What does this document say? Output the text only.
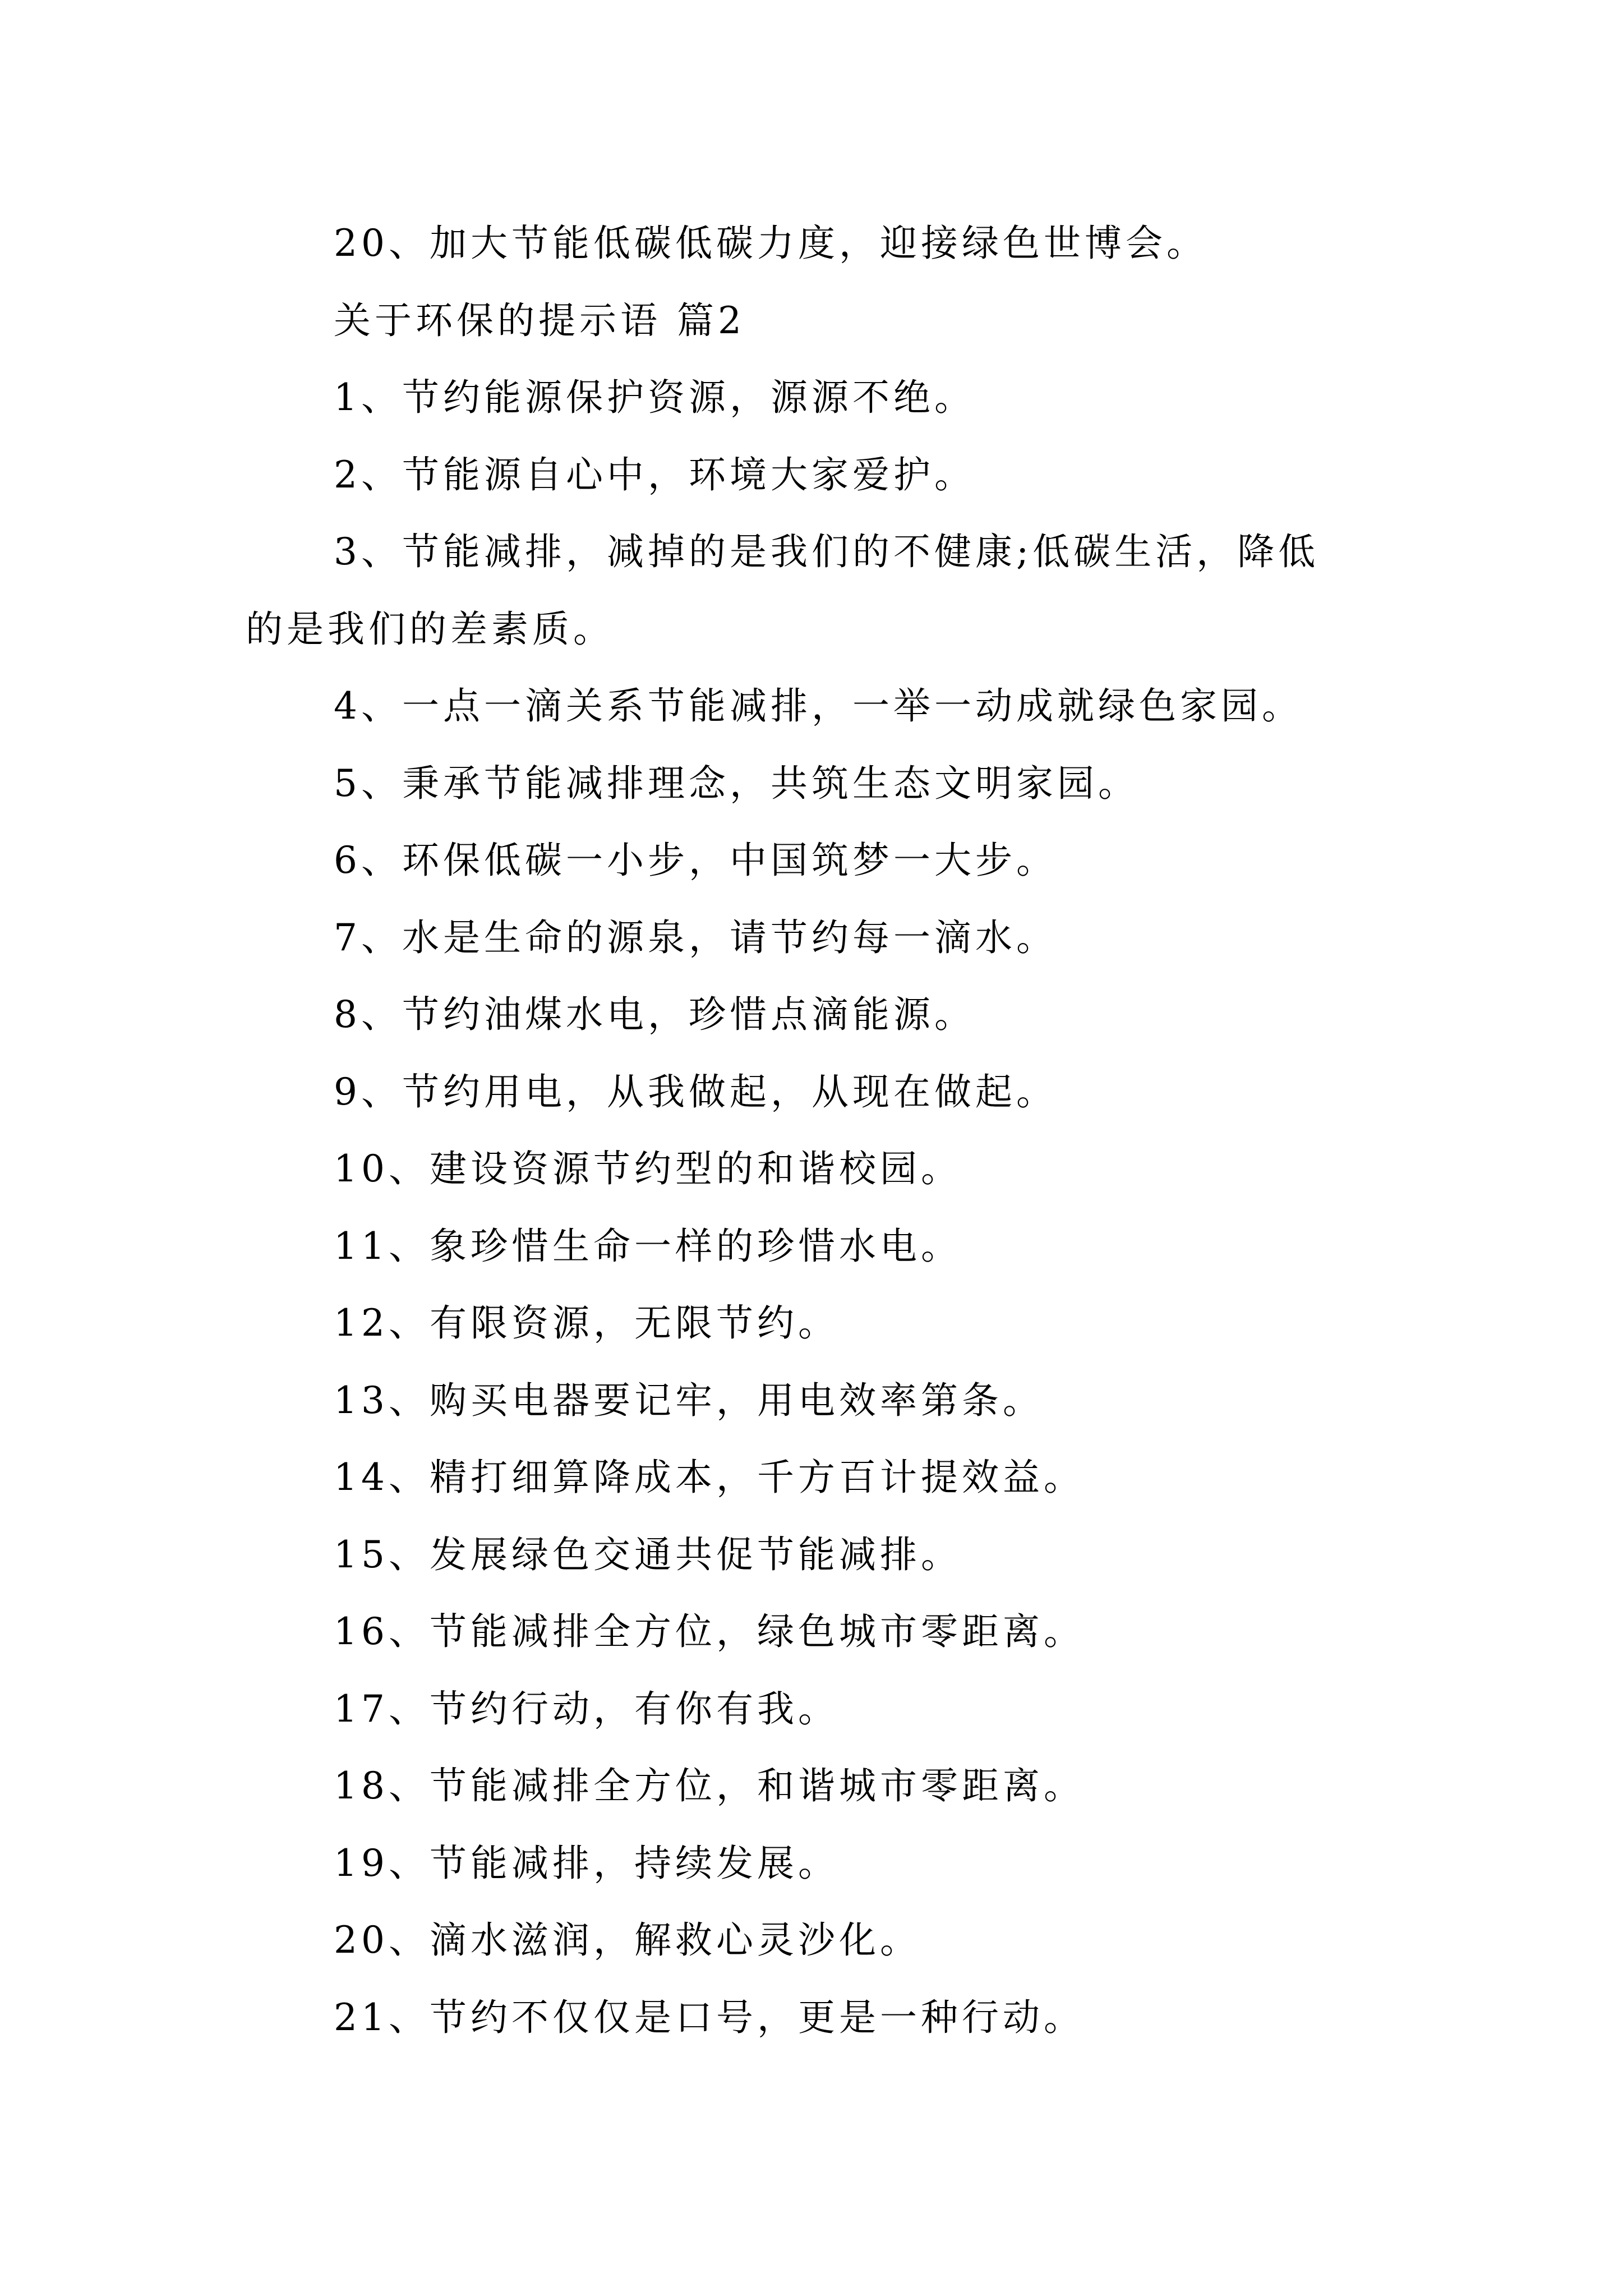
20、加大节能低碳低碳力度，迎接绿色世博会。

关于环保的提示语 篇2

1、节约能源保护资源，源源不绝。

2、节能源自心中，环境大家爱护。

3、节能减排，减掉的是我们的不健康;低碳生活，降低

的是我们的差素质。

4、一点一滴关系节能减排，一举一动成就绿色家园。

5、秉承节能减排理念，共筑生态文明家园。

6、环保低碳一小步，中国筑梦一大步。

7、水是生命的源泉，请节约每一滴水。

8、节约油煤水电，珍惜点滴能源。

9、节约用电，从我做起，从现在做起。

10、建设资源节约型的和谐校园。

11、象珍惜生命一样的珍惜水电。

12、有限资源，无限节约。

13、购买电器要记牢，用电效率第条。

14、精打细算降成本，千方百计提效益。

15、发展绿色交通共促节能减排。

16、节能减排全方位，绿色城市零距离。

17、节约行动，有你有我。

18、节能减排全方位，和谐城市零距离。

19、节能减排，持续发展。

20、滴水滋润，解救心灵沙化。

21、节约不仅仅是口号，更是一种行动。
